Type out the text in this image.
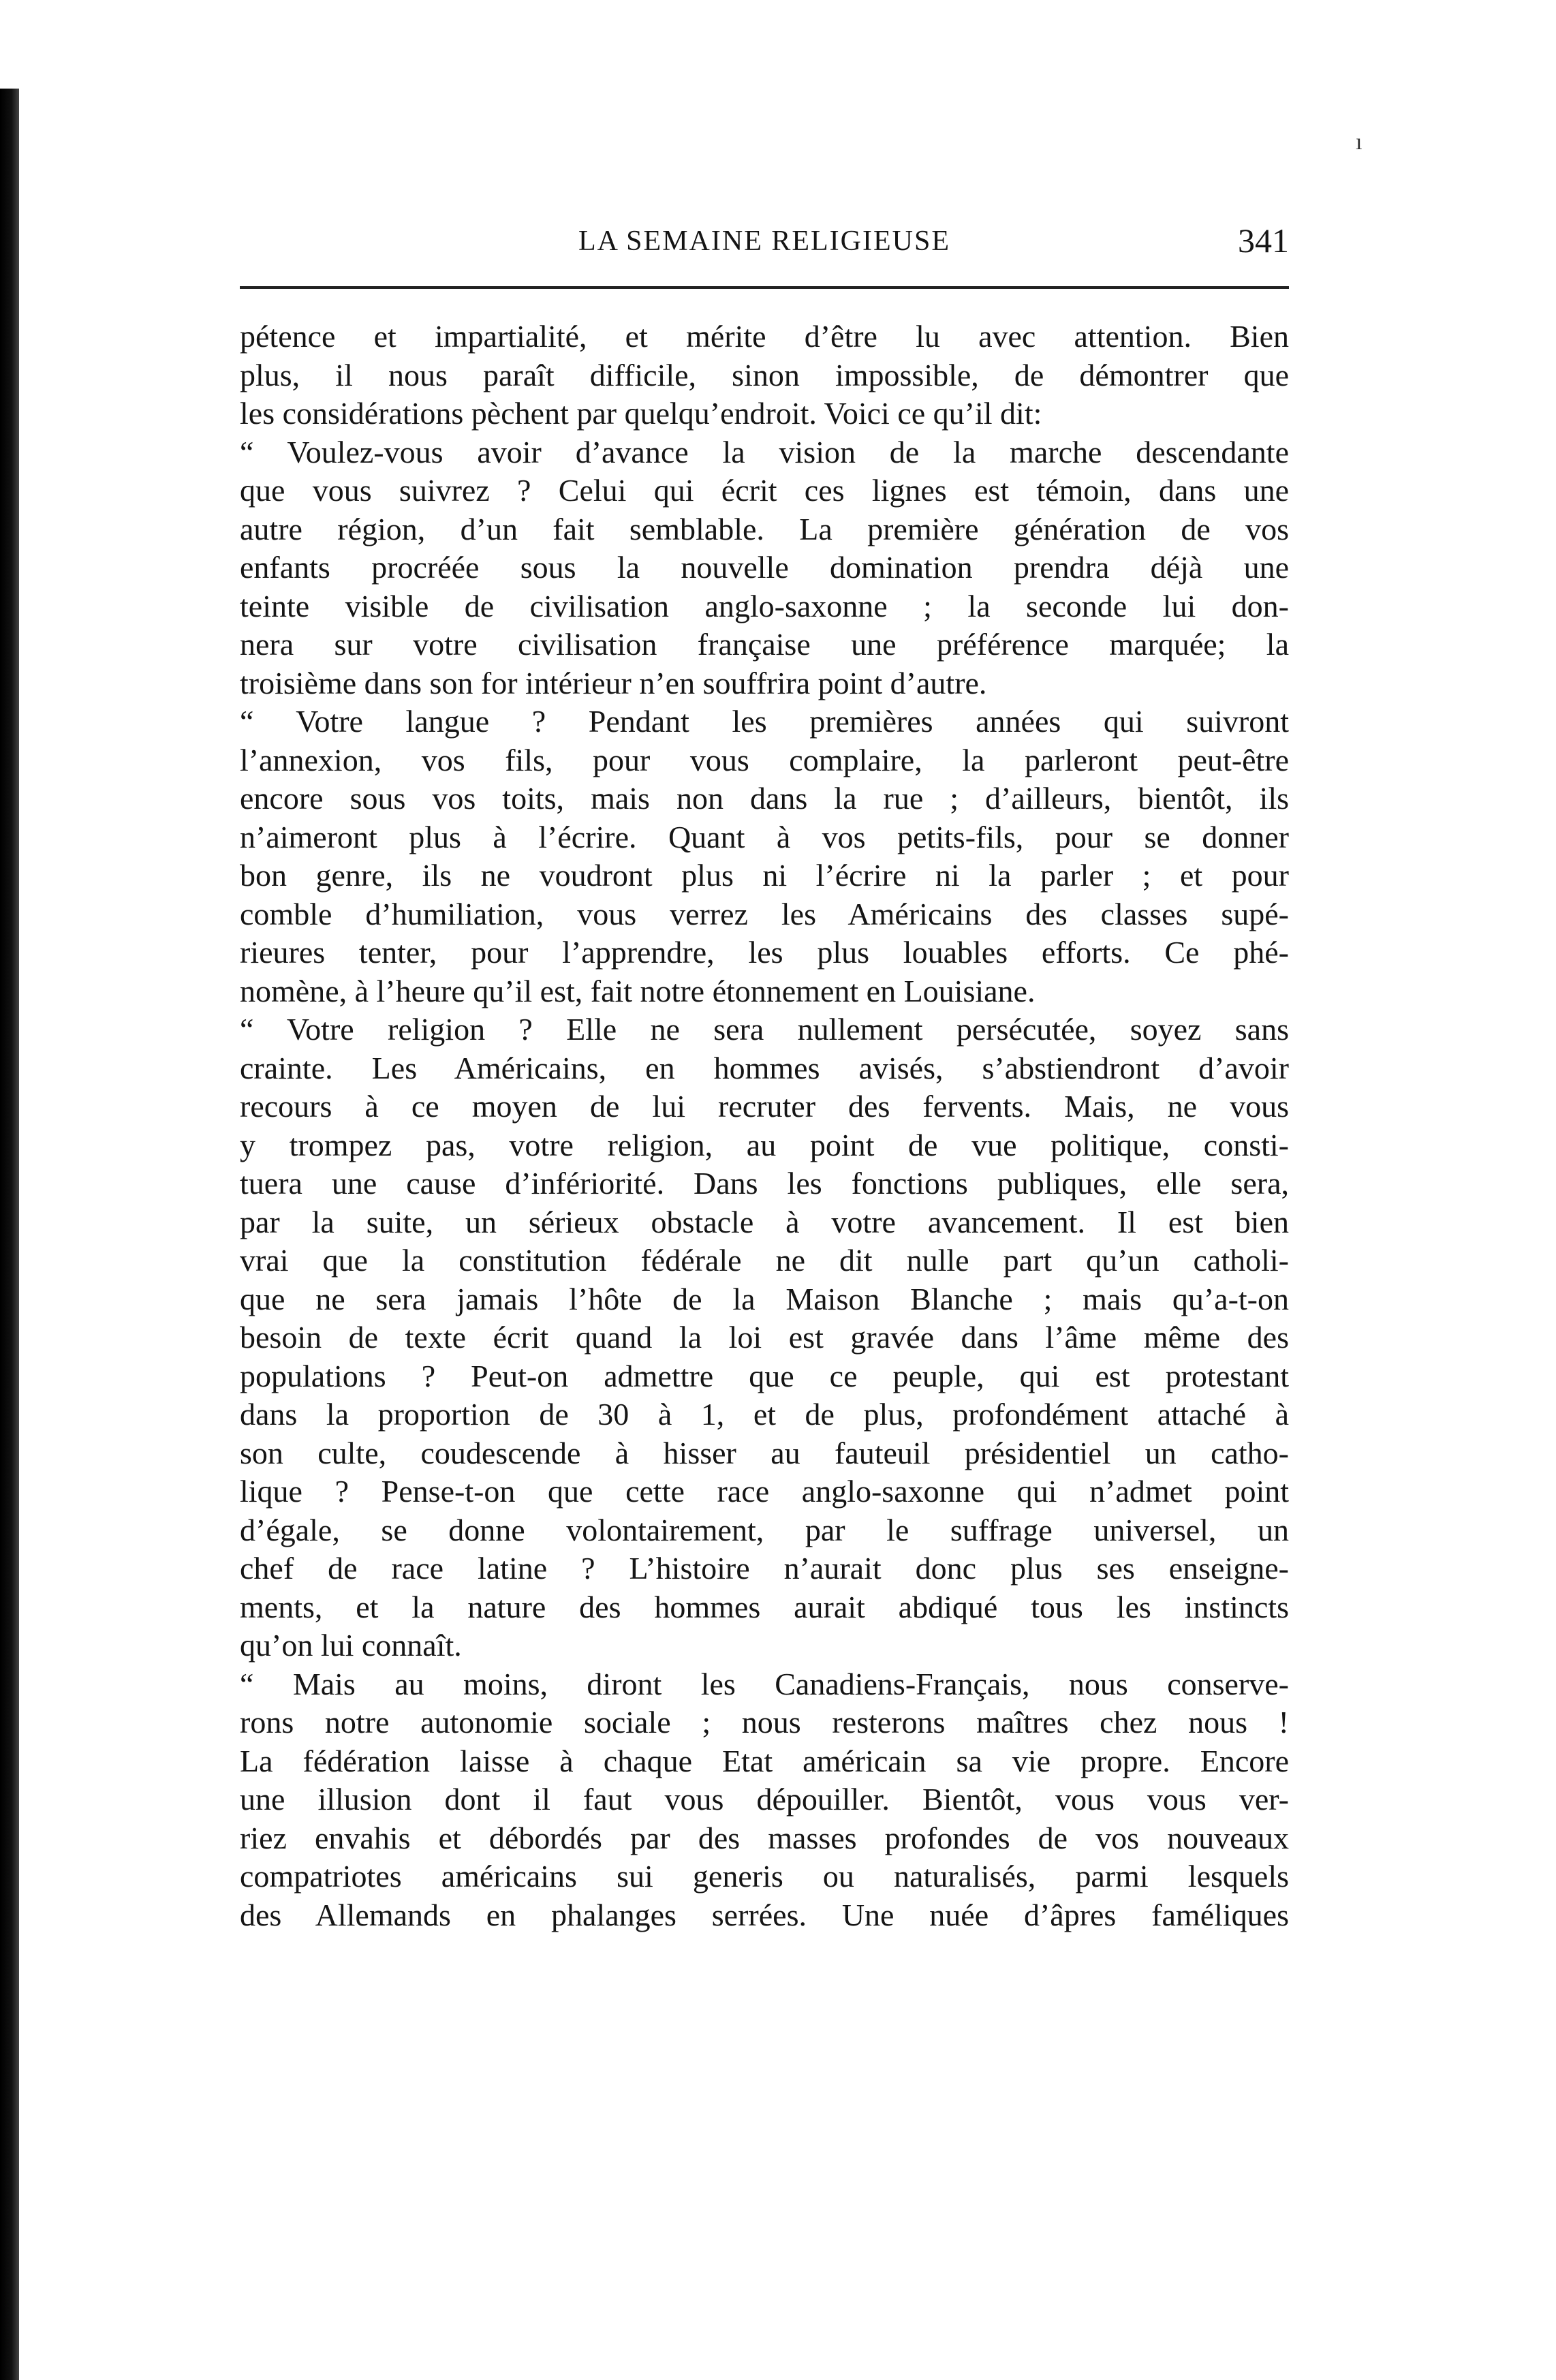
ı
LA SEMAINE RELIGIEUSE	341
pétence et impartialité, et mérite d’être lu avec attention. Bien
plus, il nous paraît difficile, sinon impossible, de démontrer que
les considérations pèchent par quelqu’endroit. Voici ce qu’il dit:
“ Voulez-vous avoir d’avance la vision de la marche descendante
que vous suivrez ? Celui qui écrit ces lignes est témoin, dans une
autre région, d’un fait semblable. La première génération de vos
enfants procréée sous la nouvelle domination prendra déjà une
teinte visible de civilisation anglo-saxonne ; la seconde lui don-
nera sur votre civilisation française une préférence marquée; la
troisième dans son for intérieur n’en souffrira point d’autre.
“ Votre langue ? Pendant les premières années qui suivront
l’annexion, vos fils, pour vous complaire, la parleront peut-être
encore sous vos toits, mais non dans la rue ; d’ailleurs, bientôt, ils
n’aimeront plus à l’écrire. Quant à vos petits-fils, pour se donner
bon genre, ils ne voudront plus ni l’écrire ni la parler ; et pour
comble d’humiliation, vous verrez les Américains des classes supé-
rieures tenter, pour l’apprendre, les plus louables efforts. Ce phé-
nomène, à l’heure qu’il est, fait notre étonnement en Louisiane.
“ Votre religion ? Elle ne sera nullement persécutée, soyez sans
crainte. Les Américains, en hommes avisés, s’abstiendront d’avoir
recours à ce moyen de lui recruter des fervents. Mais, ne vous
y trompez pas, votre religion, au point de vue politique, consti-
tuera une cause d’infériorité. Dans les fonctions publiques, elle sera,
par la suite, un sérieux obstacle à votre avancement. Il est bien
vrai que la constitution fédérale ne dit nulle part qu’un catholi-
que ne sera jamais l’hôte de la Maison Blanche ; mais qu’a-t-on
besoin de texte écrit quand la loi est gravée dans l’âme même des
populations ? Peut-on admettre que ce peuple, qui est protestant
dans la proportion de 30 à 1, et de plus, profondément attaché à
son culte, coudescende à hisser au fauteuil présidentiel un catho-
lique ? Pense-t-on que cette race anglo-saxonne qui n’admet point
d’égale, se donne volontairement, par le suffrage universel, un
chef de race latine ? L’histoire n’aurait donc plus ses enseigne-
ments, et la nature des hommes aurait abdiqué tous les instincts
qu’on lui connaît.
“ Mais au moins, diront les Canadiens-Français, nous conserve-
rons notre autonomie sociale ; nous resterons maîtres chez nous !
La fédération laisse à chaque Etat américain sa vie propre. Encore
une illusion dont il faut vous dépouiller. Bientôt, vous vous ver-
riez envahis et débordés par des masses profondes de vos nouveaux
compatriotes américains sui generis ou naturalisés, parmi lesquels
des Allemands en phalanges serrées. Une nuée d’âpres faméliques
